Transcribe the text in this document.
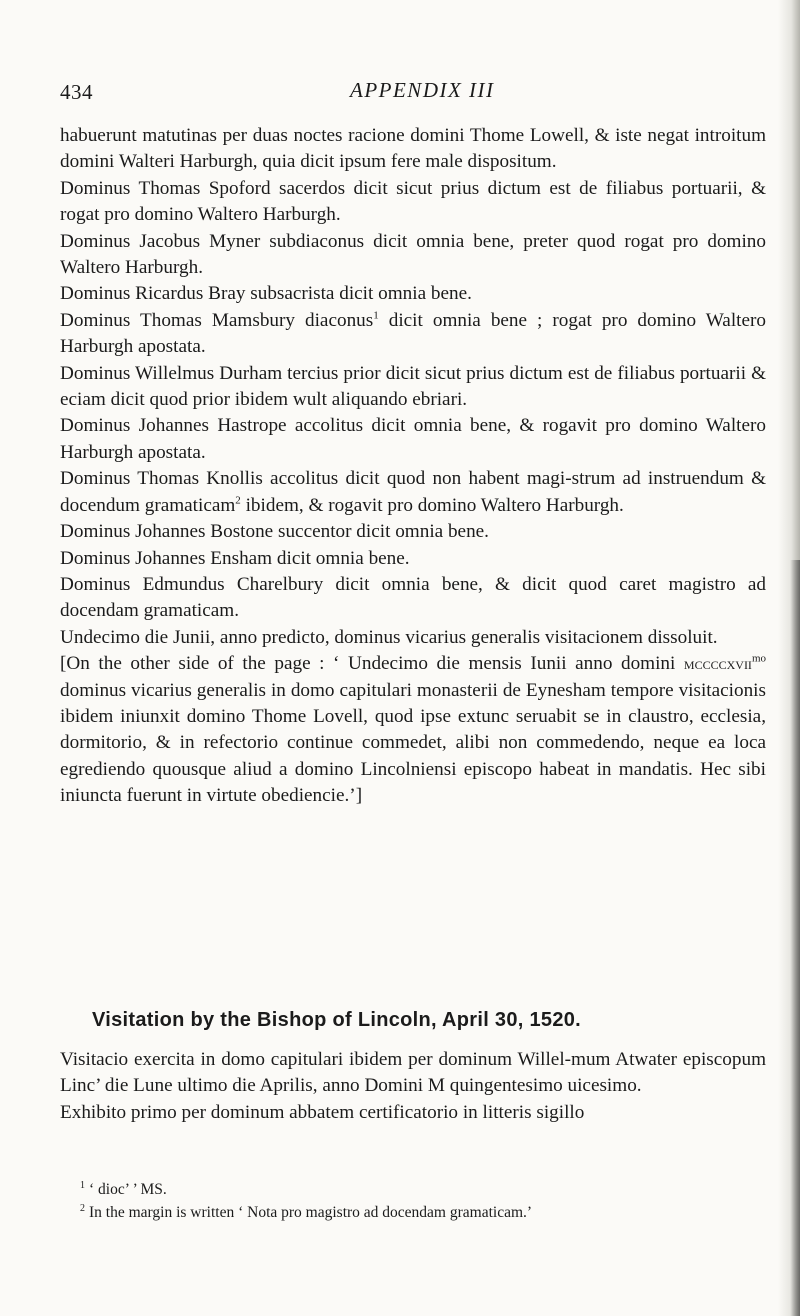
434	APPENDIX III

habuerunt matutinas per duas noctes racione domini Thome Lowell, & iste negat introitum domini Walteri Harburgh, quia dicit ipsum fere male dispositum.

Dominus Thomas Spoford sacerdos dicit sicut prius dictum est de filiabus portuarii, & rogat pro domino Waltero Harburgh.

Dominus Jacobus Myner subdiaconus dicit omnia bene, preter quod rogat pro domino Waltero Harburgh.

Dominus Ricardus Bray subsacrista dicit omnia bene.

Dominus Thomas Mamsbury diaconus$^1$ dicit omnia bene ; rogat pro domino Waltero Harburgh apostata.

Dominus Willelmus Durham tercius prior dicit sicut prius dictum est de filiabus portuarii & eciam dicit quod prior ibidem wult aliquando ebriari.

Dominus Johannes Hastrope accolitus dicit omnia bene, & rogavit pro domino Waltero Harburgh apostata.

Dominus Thomas Knollis accolitus dicit quod non habent magi-strum ad instruendum & docendum gramaticam$^2$ ibidem, & rogavit pro domino Waltero Harburgh.

Dominus Johannes Bostone succentor dicit omnia bene.

Dominus Johannes Ensham dicit omnia bene.

Dominus Edmundus Charelbury dicit omnia bene, & dicit quod caret magistro ad docendam gramaticam.

Undecimo die Junii, anno predicto, dominus vicarius generalis visitacionem dissoluit.

[On the other side of the page : ‘ Undecimo die mensis Iunii anno domini mccccxvii$^{mo}$ dominus vicarius generalis in domo capitulari monasterii de Eynesham tempore visitacionis ibidem iniunxit domino Thome Lovell, quod ipse extunc seruabit se in claustro, ecclesia, dormitorio, & in refectorio continue commedet, alibi non commedendo, neque ea loca egrediendo quousque aliud a domino Lincolniensi episcopo habeat in mandatis. Hec sibi iniuncta fuerunt in virtute obediencie.’]

Visitation by the Bishop of Lincoln, April 30, 1520.

Visitacio exercita in domo capitulari ibidem per dominum Willel-mum Atwater episcopum Linc’ die Lune ultimo die Aprilis, anno Domini M quingentesimo uicesimo.

Exhibito primo per dominum abbatem certificatorio in litteris sigillo

$^1$ ‘ dioc’ ’ MS.

$^2$ In the margin is written ‘ Nota pro magistro ad docendam gramaticam.’
